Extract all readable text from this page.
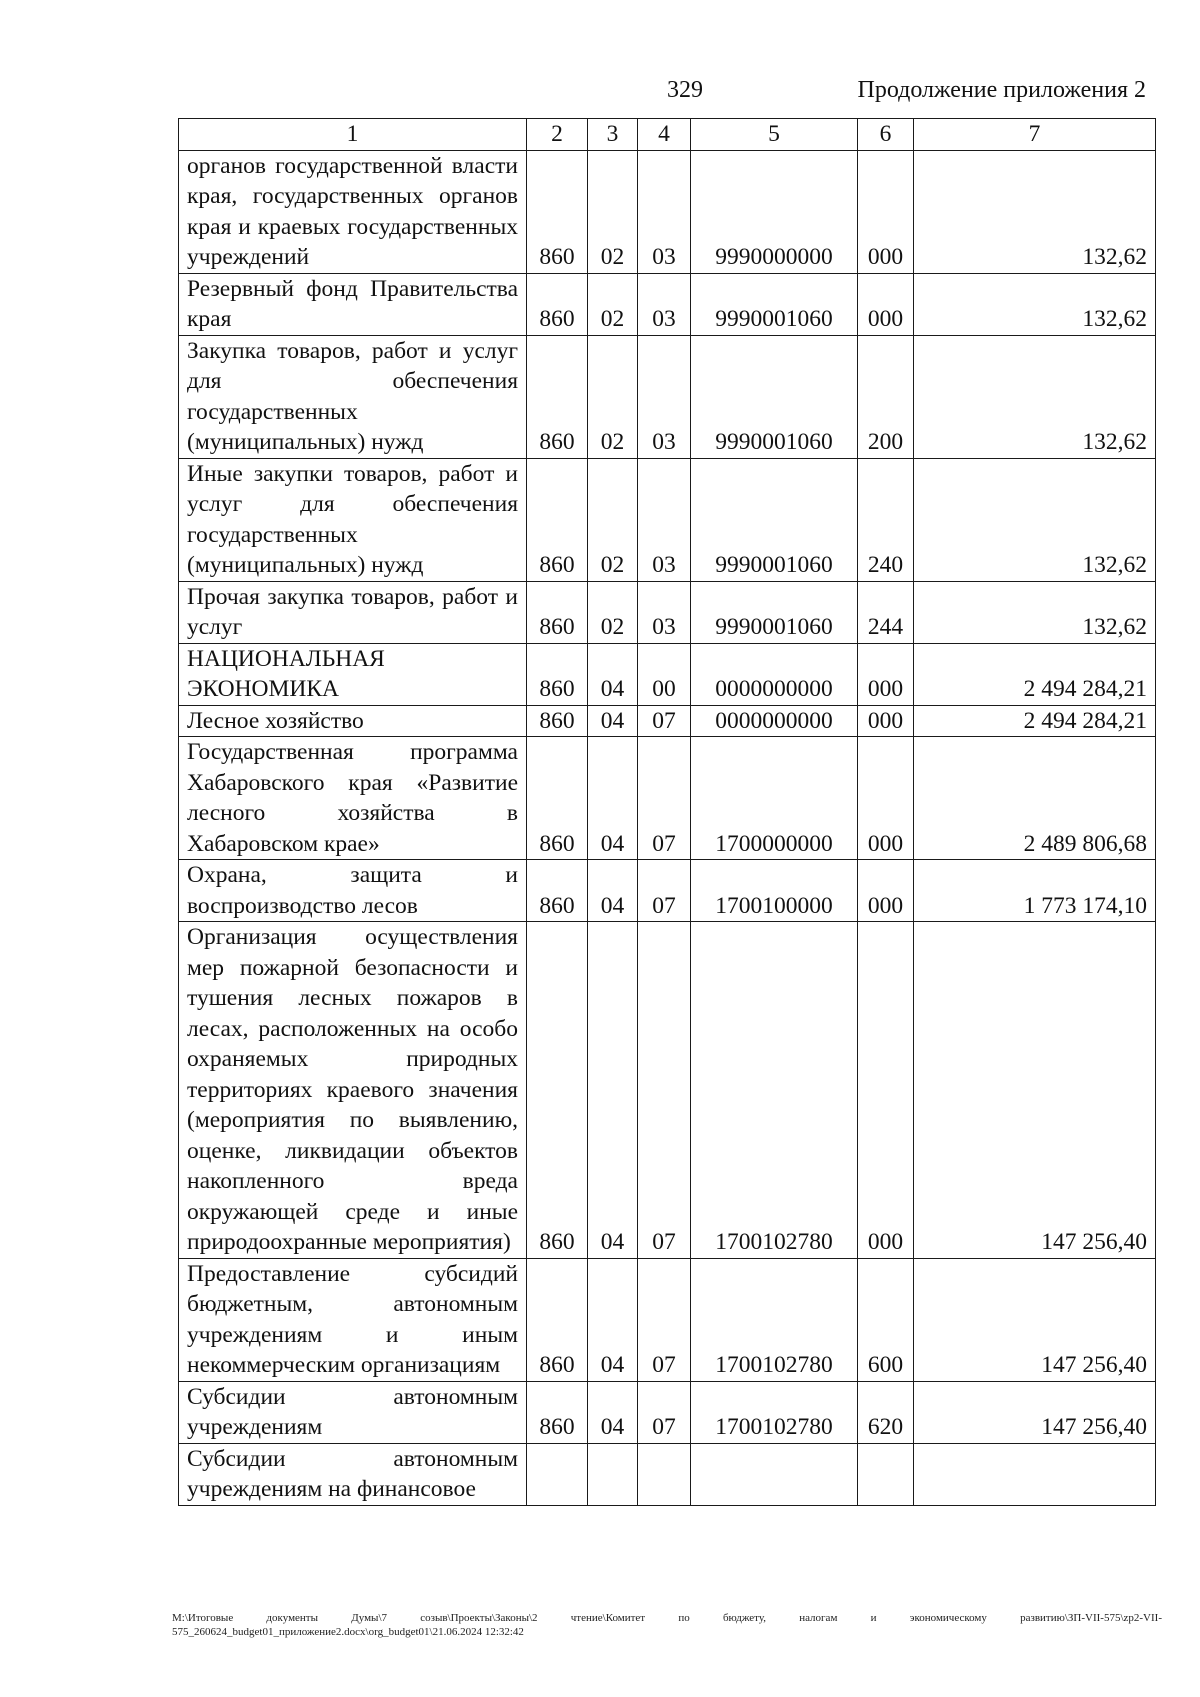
329	Продолжение приложения 2
1	2	3	4	5	6	7
органов государственной власти края, государственных органов края и краевых государственных учреждений	860	02	03	9990000000	000	132,62
Резервный фонд Правительства края	860	02	03	9990001060	000	132,62
Закупка товаров, работ и услуг для обеспечения государственных (муниципальных) нужд	860	02	03	9990001060	200	132,62
Иные закупки товаров, работ и услуг для обеспечения государственных (муниципальных) нужд	860	02	03	9990001060	240	132,62
Прочая закупка товаров, работ и услуг	860	02	03	9990001060	244	132,62
НАЦИОНАЛЬНАЯ ЭКОНОМИКА	860	04	00	0000000000	000	2 494 284,21
Лесное хозяйство	860	04	07	0000000000	000	2 494 284,21
Государственная программа Хабаровского края «Развитие лесного хозяйства в Хабаровском крае»	860	04	07	1700000000	000	2 489 806,68
Охрана, защита и воспроизводство лесов	860	04	07	1700100000	000	1 773 174,10
Организация осуществления мер пожарной безопасности и тушения лесных пожаров в лесах, расположенных на особо охраняемых природных территориях краевого значения (мероприятия по выявлению, оценке, ликвидации объектов накопленного вреда окружающей среде и иные природоохранные мероприятия)	860	04	07	1700102780	000	147 256,40
Предоставление субсидий бюджетным, автономным учреждениям и иным некоммерческим организациям	860	04	07	1700102780	600	147 256,40
Субсидии автономным учреждениям	860	04	07	1700102780	620	147 256,40
Субсидии автономным учреждениям на финансовое						
М:\Итоговые документы Думы\7 созыв\Проекты\Законы\2 чтение\Комитет по бюджету, налогам и экономическому развитию\ЗП-VII-575\zp2-VII-575_260624_budget01_приложение2.docx\org_budget01\21.06.2024 12:32:42
